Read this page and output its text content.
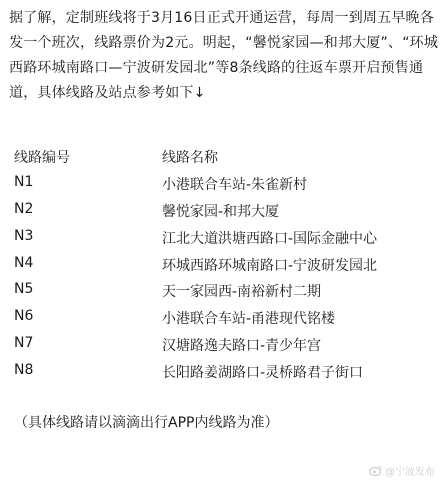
据了解，定制班线将于3月16日正式开通运营，每周一到周五早晚各发一个班次，线路票价为2元。明起，“馨悦家园—和邦大厦”、“环城西路环城南路口—宁波研发园北”等8条线路的往返车票开启预售通道，具体线路及站点参考如下↓
线路编号	线路名称
N1	小港联合车站-朱雀新村
N2	馨悦家园-和邦大厦
N3	江北大道洪塘西路口-国际金融中心
N4	环城西路环城南路口-宁波研发园北
N5	天一家园西-南裕新村二期
N6	小港联合车站-甬港现代铭楼
N7	汉塘路逸夫路口-青少年宫
N8	长阳路姜湖路口-灵桥路君子街口
（具体线路请以滴滴出行APP内线路为准）
@宁波发布
